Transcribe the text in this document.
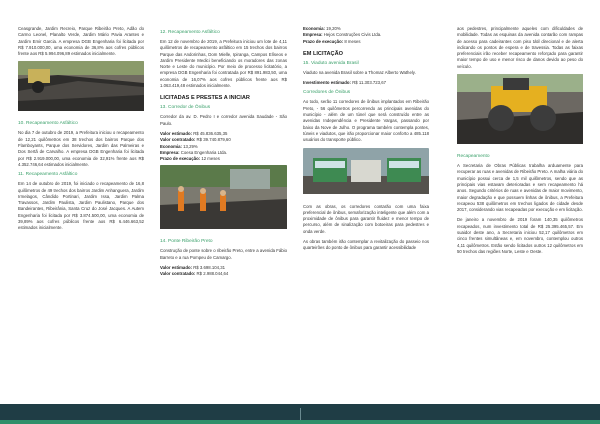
Ceasgrande, Jardim Recreio, Parque Ribeirão Preto, Adão do Carmo Leonel, Planalto Verde, Jardim Mário Pavia Arantes e Jardim Emir Garcia. A empresa DGB Engenharia foi licitada por R$ 7.910.000,00, uma economia de 36,8% aos cofres públicos frente aos R$ 5.994.096,89 estimados inicialmente.

10. Recapeamento Asfáltico

No dia 7 de outubro de 2019, a Prefeitura iniciou o recapeamento de 12,21 quilômetros em 38 trechos dos bairros Parque dos Flamboyants, Parque dos Servidores, Jardim das Palmeiras e Dos Sertã de Carvalho. A empresa DGB Engenharia foi licitada por R$ 2.919.000,00, uma economia de 32,91% frente aos R$ 4.352.746,64 estimados inicialmente.

11. Recapeamento Asfáltico

Em 14 de outubro de 2019, foi iniciado o recapeamento de 16,8 quilômetros de 49 trechos dos bairros Jardim Anhanguera, Jardim Irmelagos, Cândido Portinari, Jardim Issa, Jardim Palma Travassos, Jardim Paulista, Jardim Paulistano, Parque dos Bandeirantes, Ribeirânia, Santa Cruz do José Jacques. A Autem Engenharia foi licitada por R$ 3.874.500,00, uma economia de 39,89% aos cofres públicos frente aos R$ 6.446.663,52 estimados inicialmente.

12. Recapeamento Asfáltico

Em 12 de novembro de 2019, a Prefeitura iniciou um lote de 4,11 quilômetros de recapeamento asfáltico em 15 trechos dos bairros Parque das Andorinhas, Dom Mielle, Ipiranga, Campos Elíseos e Jardim Presidente Medici beneficiando os moradores das zonas Norte e Leste do município. Por meio de processo licitatório, a empresa DGB Engenharia foi contratada por R$ 891.983,50, uma economia de 16,07% aos cofres públicos frente aos R$ 1.063.419,48 estimados inicialmente.

LICITADAS E PRESTES A INICIAR
13. Corredor de Ônibus

Corredor da av. D. Pedro I e corredor avenida Saudade - São Paulo.

Valor estimado: R$ 45.836.635,35
Valor contratado: R$ 39.740.879,60
Economia: 13,29%
Empresa: Coesa Engenharia Ltda.
Prazo de execução: 12 meses
14. Ponte Ribeirão Preto

Construção de ponte sobre o ribeirão Preto, entre a avenida Fábio Barreto e a rua Pompeu de Camargo.

Valor estimado: R$ 3.698.104,31
Valor contratado: R$ 2.988.044,64
Economia: 19,20%
Empresa: Hejos Construções Civis Ltda.
Prazo de execução: 8 meses
EM LICITAÇÃO
15. Viaduto avenida Brasil

Viaduto na avenida Brasil sobre a Thomaz Alberto Wathely.

Investimento estimado: R$ 11.303.723,67
Corredores de Ônibus

Ao todo, serão 11 corredores de ônibus implantados em Ribeirão Preto, - 56 quilômetros percorrendo as principais avenidas do município - além de um túnel que será construído entre as avenidas Independência e Presidente Vargas, passando por baixo da Nove de Julho. O programa também contempla pontes, túneis e viadutos, que irão proporcionar maior conforto a 485.118 usuários do transporte público.

Com as obras, os corredores contarão com uma faixa preferencial de ônibus, semaforização inteligente que além com a proximidade de ônibus para garantir fluidez e menor tempo de percurso, além de sinalização com botoeiras para pedestres e onda verde.

As obras também irão contemplar a revitalização do passeio nos quarteirões do ponto de ônibus para garantir acessibilidade

aos pedestres, principalmente aqueles com dificuldades de mobilidade. Todas as esquinas da avenida contarão com rampas de acesso para cadeirantes com piso tátil direcional e de alerta indicando os pontos de espera e de travessia. Todas as faixas preferenciais irão receber recapeamento reforçado para garantir maior tempo de uso e menor risco de danos devido ao peso do veículo.

Recapeamento

A Secretaria de Obras Públicas trabalha arduamente para recuperar as ruas e avenidas de Ribeirão Preto. A malha viária do município possui cerca de 1,5 mil quilômetros, sendo que as principais vias estavam deterioradas e sem recapeamento há anos. Segundo critérios de ruas e avenidas de maior movimento, maior degradação e que possuem linhas de ônibus, a Prefeitura recapeou 538 quilômetros em trechos ligados de cidade desde 2017, considerando vias recapeadas por execução e em licitação.

De janeiro a novembro de 2019 foram 140,35 quilômetros recapeados, num investimento total de R$ 25.395.465,57. Em suaidor deste ano, a Secretaria iniciou 52,17 quilômetros em cinco frentes simultâneas e, em novembro, contemplou outros 4,11 quilômetros. Estão sendo licitados outros 12 quilômetros em 50 trechos das regiões Norte, Leste e Oeste.

BALANÇO 2017-2019	BALANÇO 2017-2019
